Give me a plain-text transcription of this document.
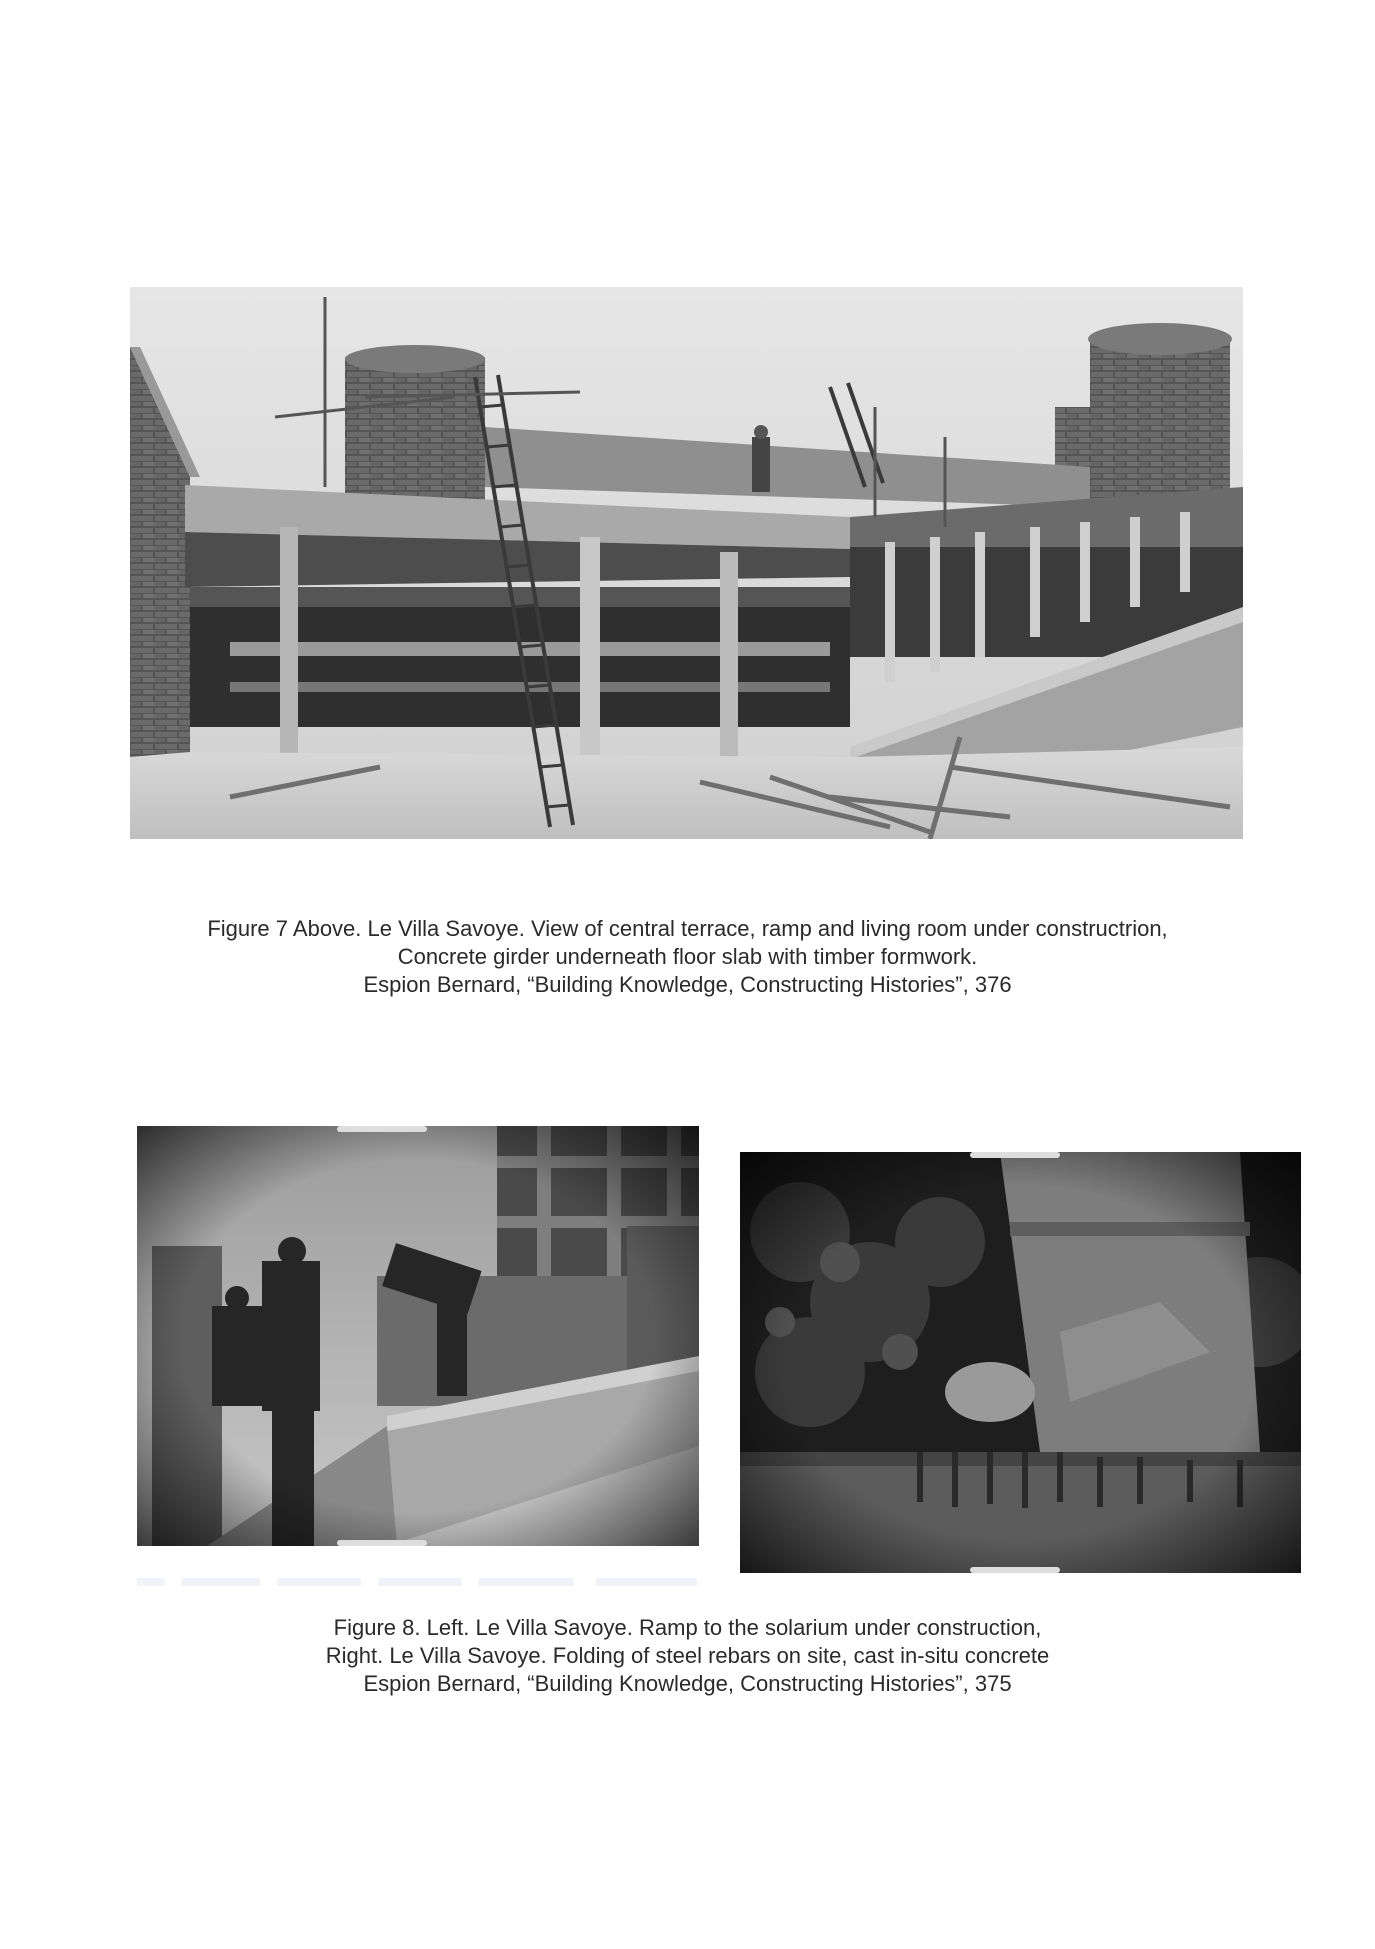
Figure 7 Above. Le Villa Savoye. View of central terrace, ramp and living room under constructrion,
Concrete girder underneath floor slab with timber formwork.
Espion Bernard, “Building Knowledge, Constructing Histories”, 376
Figure 8. Left. Le Villa Savoye. Ramp to the solarium under construction,
Right. Le Villa Savoye. Folding of steel rebars on site, cast in-situ concrete
Espion Bernard, “Building Knowledge, Constructing Histories”, 375
